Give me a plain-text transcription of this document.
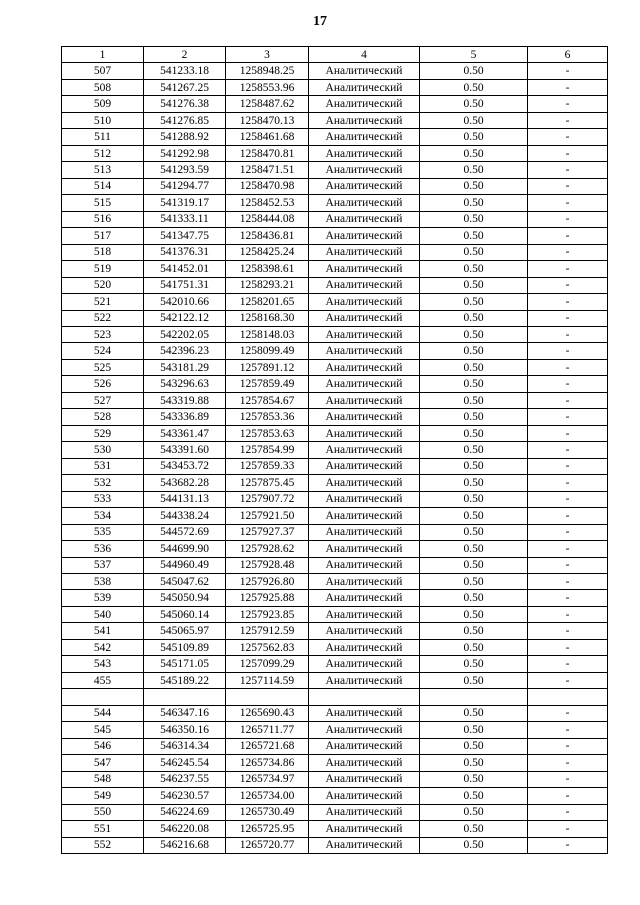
17
1	2	3	4	5	6
507	541233.18	1258948.25	Аналитический	0.50	-
508	541267.25	1258553.96	Аналитический	0.50	-
509	541276.38	1258487.62	Аналитический	0.50	-
510	541276.85	1258470.13	Аналитический	0.50	-
511	541288.92	1258461.68	Аналитический	0.50	-
512	541292.98	1258470.81	Аналитический	0.50	-
513	541293.59	1258471.51	Аналитический	0.50	-
514	541294.77	1258470.98	Аналитический	0.50	-
515	541319.17	1258452.53	Аналитический	0.50	-
516	541333.11	1258444.08	Аналитический	0.50	-
517	541347.75	1258436.81	Аналитический	0.50	-
518	541376.31	1258425.24	Аналитический	0.50	-
519	541452.01	1258398.61	Аналитический	0.50	-
520	541751.31	1258293.21	Аналитический	0.50	-
521	542010.66	1258201.65	Аналитический	0.50	-
522	542122.12	1258168.30	Аналитический	0.50	-
523	542202.05	1258148.03	Аналитический	0.50	-
524	542396.23	1258099.49	Аналитический	0.50	-
525	543181.29	1257891.12	Аналитический	0.50	-
526	543296.63	1257859.49	Аналитический	0.50	-
527	543319.88	1257854.67	Аналитический	0.50	-
528	543336.89	1257853.36	Аналитический	0.50	-
529	543361.47	1257853.63	Аналитический	0.50	-
530	543391.60	1257854.99	Аналитический	0.50	-
531	543453.72	1257859.33	Аналитический	0.50	-
532	543682.28	1257875.45	Аналитический	0.50	-
533	544131.13	1257907.72	Аналитический	0.50	-
534	544338.24	1257921.50	Аналитический	0.50	-
535	544572.69	1257927.37	Аналитический	0.50	-
536	544699.90	1257928.62	Аналитический	0.50	-
537	544960.49	1257928.48	Аналитический	0.50	-
538	545047.62	1257926.80	Аналитический	0.50	-
539	545050.94	1257925.88	Аналитический	0.50	-
540	545060.14	1257923.85	Аналитический	0.50	-
541	545065.97	1257912.59	Аналитический	0.50	-
542	545109.89	1257562.83	Аналитический	0.50	-
543	545171.05	1257099.29	Аналитический	0.50	-
455	545189.22	1257114.59	Аналитический	0.50	-

544	546347.16	1265690.43	Аналитический	0.50	-
545	546350.16	1265711.77	Аналитический	0.50	-
546	546314.34	1265721.68	Аналитический	0.50	-
547	546245.54	1265734.86	Аналитический	0.50	-
548	546237.55	1265734.97	Аналитический	0.50	-
549	546230.57	1265734.00	Аналитический	0.50	-
550	546224.69	1265730.49	Аналитический	0.50	-
551	546220.08	1265725.95	Аналитический	0.50	-
552	546216.68	1265720.77	Аналитический	0.50	-
